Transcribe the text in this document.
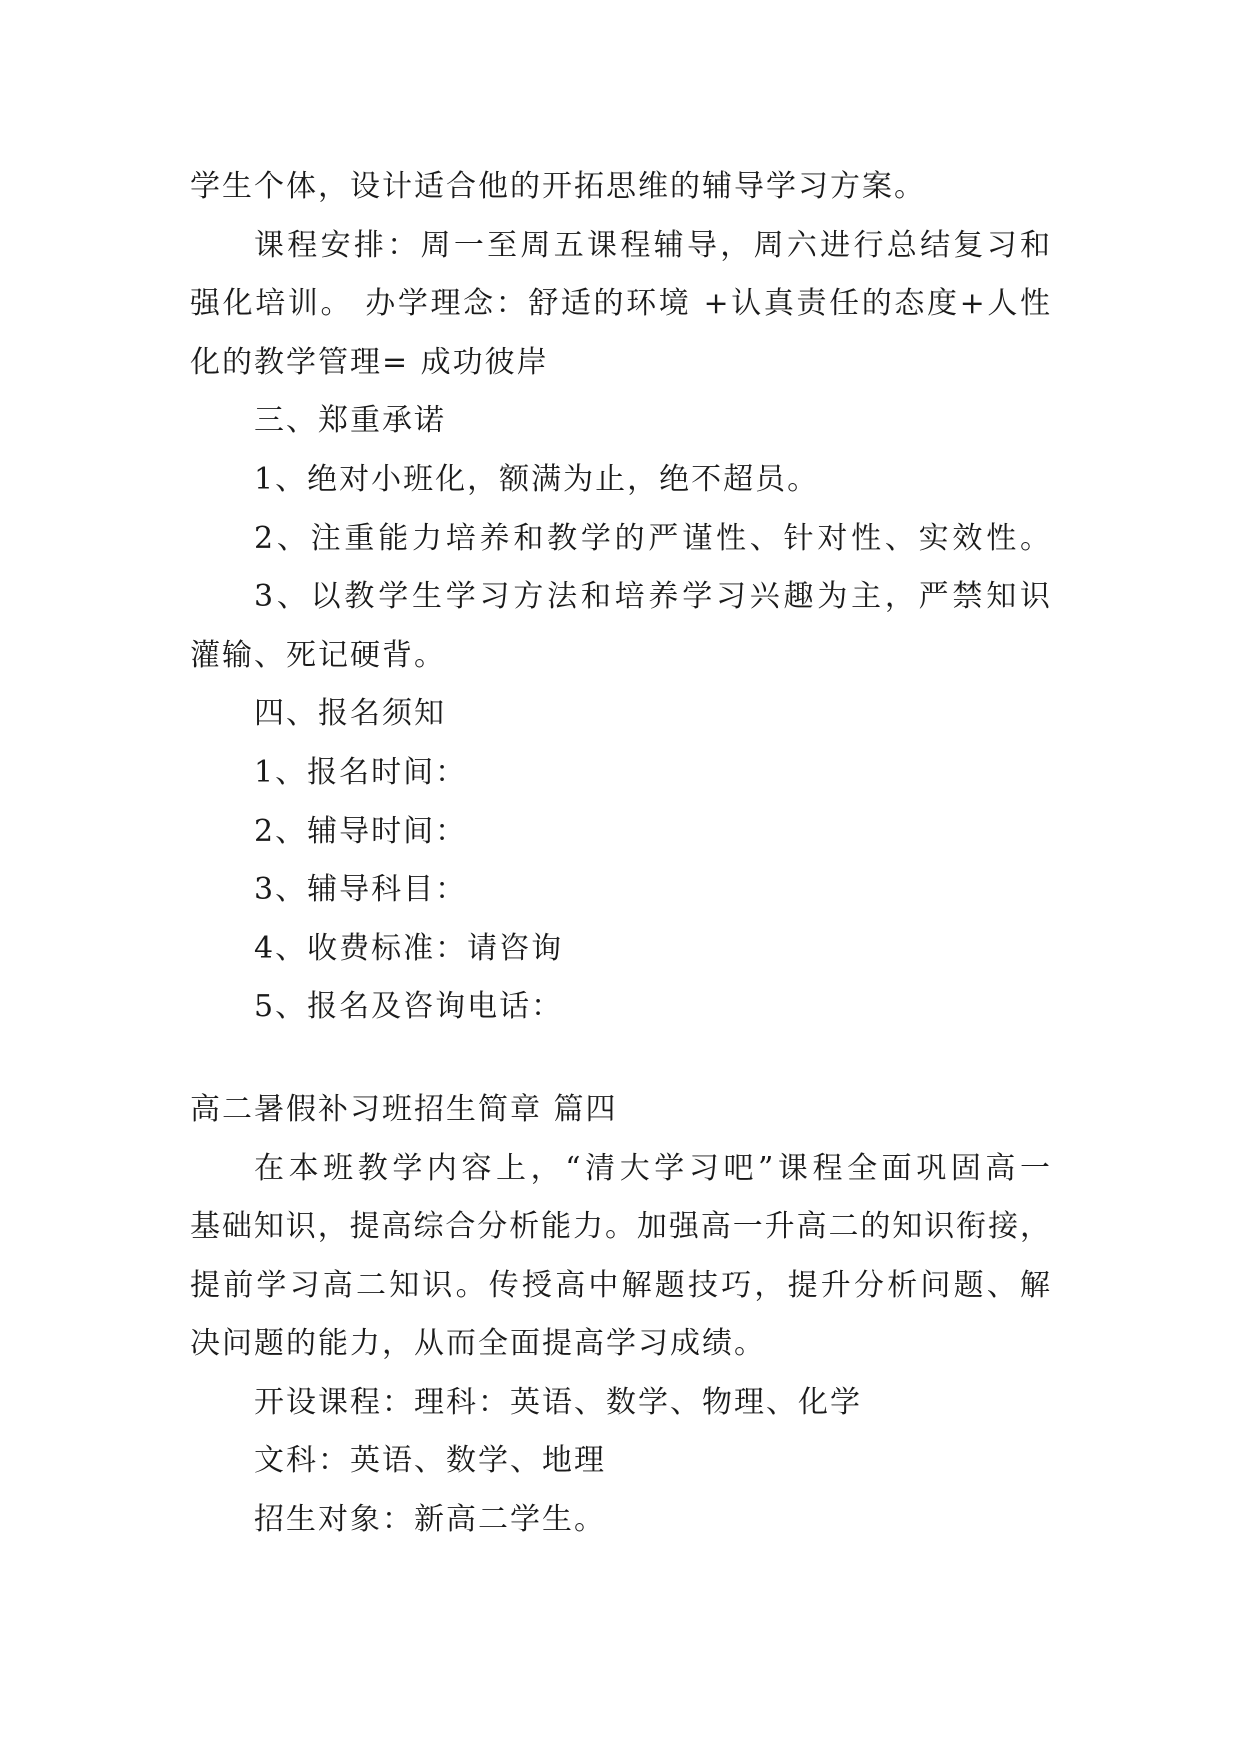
学生个体，设计适合他的开拓思维的辅导学习方案。
课程安排：周一至周五课程辅导，周六进行总结复习和
强化培训。 办学理念：舒适的环境 +认真责任的态度+人性
化的教学管理= 成功彼岸
三、郑重承诺
1、绝对小班化，额满为止，绝不超员。
2、注重能力培养和教学的严谨性、针对性、实效性。
3、以教学生学习方法和培养学习兴趣为主，严禁知识
灌输、死记硬背。
四、报名须知
1、报名时间：
2、辅导时间：
3、辅导科目：
4、收费标准：请咨询
5、报名及咨询电话：
高二暑假补习班招生简章 篇四
在本班教学内容上，“清大学习吧”课程全面巩固高一
基础知识，提高综合分析能力。加强高一升高二的知识衔接，
提前学习高二知识。传授高中解题技巧，提升分析问题、解
决问题的能力，从而全面提高学习成绩。
开设课程：理科：英语、数学、物理、化学
文科：英语、数学、地理
招生对象：新高二学生。
